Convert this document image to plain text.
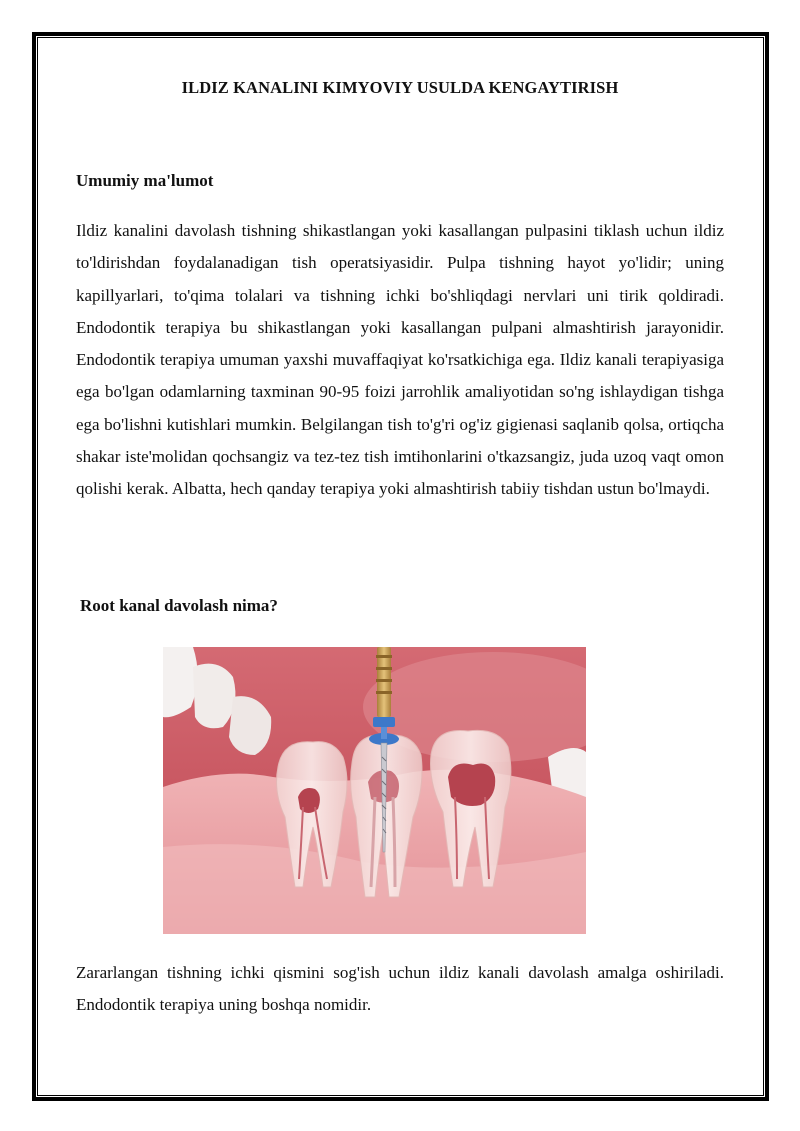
ILDIZ KANALINI KIMYOVIY USULDA KENGAYTIRISH
Umumiy ma'lumot

Ildiz kanalini davolash tishning shikastlangan yoki kasallangan pulpasini tiklash uchun ildiz to'ldirishdan foydalanadigan tish operatsiyasidir. Pulpa tishning hayot yo'lidir; uning kapillyarlari, to'qima tolalari va tishning ichki bo'shliqdagi nervlari uni tirik qoldiradi. Endodontik terapiya bu shikastlangan yoki kasallangan pulpani almashtirish jarayonidir. Endodontik terapiya umuman yaxshi muvaffaqiyat ko'rsatkichiga ega. Ildiz kanali terapiyasiga ega bo'lgan odamlarning taxminan 90-95 foizi jarrohlik amaliyotidan so'ng ishlaydigan tishga ega bo'lishni kutishlari mumkin. Belgilangan tish to'g'ri og'iz gigienasi saqlanib qolsa, ortiqcha shakar iste'molidan qochsangiz va tez-tez tish imtihonlarini o'tkazsangiz, juda uzoq vaqt omon qolishi kerak. Albatta, hech qanday terapiya yoki almashtirish tabiiy tishdan ustun bo'lmaydi.

Root kanal davolash nima?

Zararlangan tishning ichki qismini sog'ish uchun ildiz kanali davolash amalga oshiriladi. Endodontik terapiya uning boshqa nomidir.
